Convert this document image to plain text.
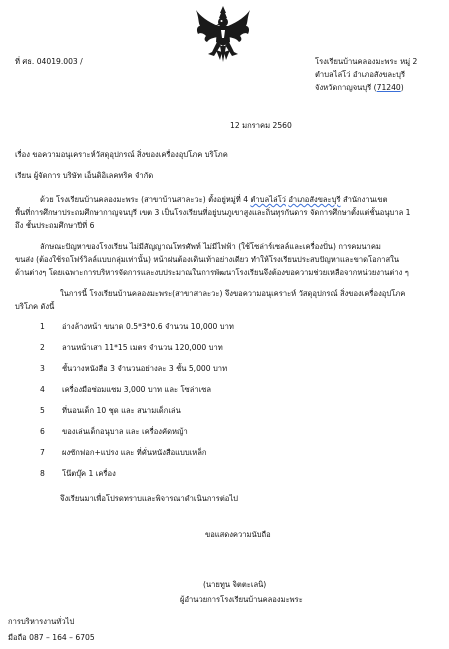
ที่ ศธ. 04019.003 /	โรงเรียนบ้านคลองมะพระ หมู่ 2
ตำบลไล่โว่ อำเภอสังขละบุรี
จังหวัดกาญจนบุรี (71240)
12 มกราคม 2560
เรื่อง ขอความอนุเคราะห์วัสดุอุปกรณ์ สิ่งของเครื่องอุปโภค บริโภค
เรียน ผู้จัดการ บริษัท เอ็นดิอิเลคทริค จำกัด
ด้วย โรงเรียนบ้านคลองมะพระ (สาขาบ้านสาละวะ) ตั้งอยู่หมู่ที่ 4 ตำบลไล่โว่ อำเภอสังขละบุรี สำนักงานเขต
พื้นที่การศึกษาประถมศึกษากาญจนบุรี เขต 3 เป็นโรงเรียนที่อยู่บนภูเขาสูงและถิ่นทุรกันดาร จัดการศึกษาตั้งแต่ชั้นอนุบาล 1
ถึง ชั้นประถมศึกษาปีที่ 6
ลักษณะปัญหาของโรงเรียน ไม่มีสัญญาณโทรศัพท์ ไม่มีไฟฟ้า (ใช้โซล่าร์เซลล์และเครื่องปั่น) การคมนาคม
ขนส่ง (ต้องใช้รถโฟร์วิลล์แบบกลุ่มเท่านั้น) หน้าฝนต้องเดินเท้าอย่างเดียว ทำให้โรงเรียนประสบปัญหาและขาดโอกาสใน
ด้านต่างๆ โดยเฉพาะการบริหารจัดการและงบประมาณในการพัฒนาโรงเรียนจึงต้องขอความช่วยเหลือจากหน่วยงานต่าง ๆ
ในการนี้ โรงเรียนบ้านคลองมะพระ(สาขาสาละวะ) จึงขอความอนุเคราะห์ วัสดุอุปกรณ์ สิ่งของเครื่องอุปโภค
บริโภค ดังนี้
1 อ่างล้างหน้า ขนาด 0.5*3*0.6 จำนวน 10,000 บาท
2 ลานหน้าเสา 11*15 เมตร จำนวน 120,000 บาท
3 ชั้นวางหนังสือ 3 จำนวนอย่างละ 3 ชั้น 5,000 บาท
4 เครื่องมือซ่อมแซม 3,000 บาท และ โซล่าเซล
5 ที่นอนเด็ก 10 ชุด และ สนามเด็กเล่น
6 ของเล่นเด็กอนุบาล และ เครื่องคัดหญ้า
7 ผงซักฟอก+แปรง และ ที่คั่นหนังสือแบบเหล็ก
8 โน๊ตบุ๊ค 1 เครื่อง
จึงเรียนมาเพื่อโปรดทราบและพิจารณาดำเนินการต่อไป
ขอแสดงความนับถือ
(นายทูน จิตตะเลนิ)
ผู้อำนวยการโรงเรียนบ้านคลองมะพระ
การบริหารงานทั่วไป
มือถือ 087 – 164 – 6705
